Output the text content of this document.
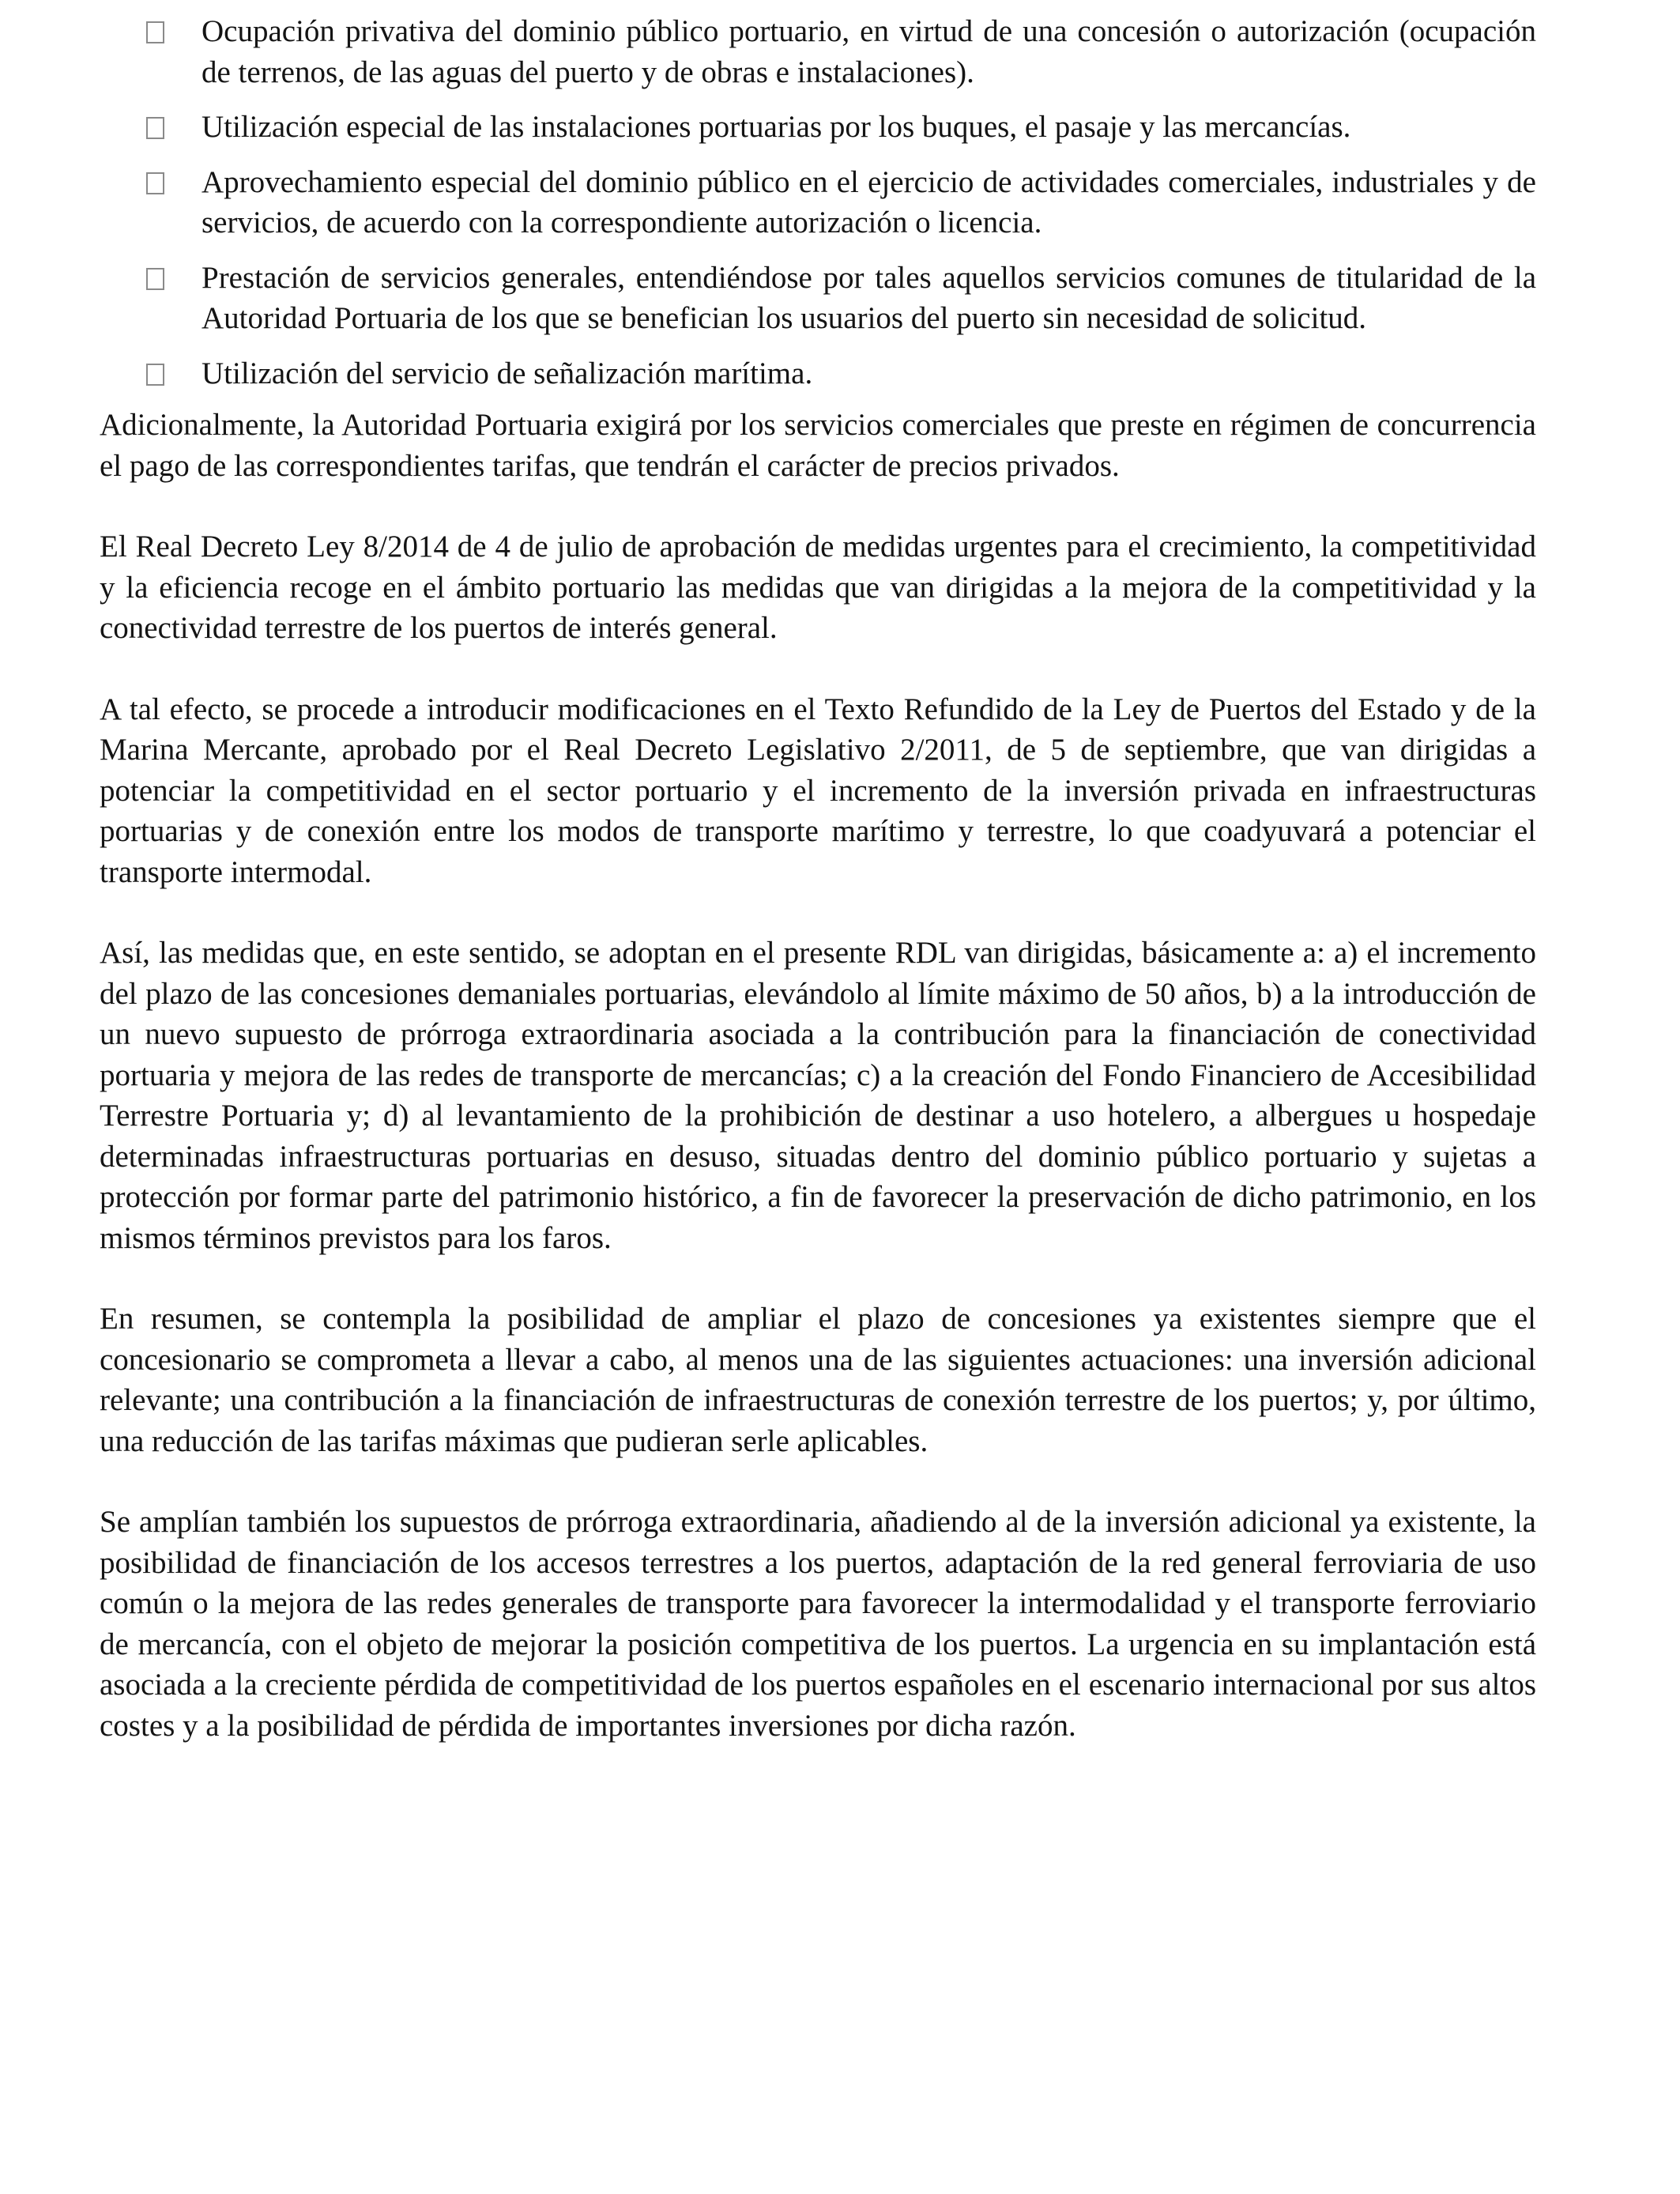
Ocupación privativa del dominio público portuario, en virtud de una concesión o autorización (ocupación de terrenos, de las aguas del puerto y de obras e instalaciones).
Utilización especial de las instalaciones portuarias por los buques, el pasaje y las mercancías.
Aprovechamiento especial del dominio público en el ejercicio de actividades comerciales, industriales y de servicios, de acuerdo con la correspondiente autorización o licencia.
Prestación de servicios generales, entendiéndose por tales aquellos servicios comunes de titularidad de la Autoridad Portuaria de los que se benefician los usuarios del puerto sin necesidad de solicitud.
Utilización del servicio de señalización marítima.

Adicionalmente, la Autoridad Portuaria exigirá por los servicios comerciales que preste en régimen de concurrencia el pago de las correspondientes tarifas, que tendrán el carácter de precios privados.

El Real Decreto Ley 8/2014 de 4 de julio de aprobación de medidas urgentes para el crecimiento, la competitividad y la eficiencia recoge en el ámbito portuario las medidas que van dirigidas a la mejora de la competitividad y la conectividad terrestre de los puertos de interés general.

A tal efecto, se procede a introducir modificaciones en el Texto Refundido de la Ley de Puertos del Estado y de la Marina Mercante, aprobado por el Real Decreto Legislativo 2/2011, de 5 de septiembre, que van dirigidas a potenciar la competitividad en el sector portuario y el incremento de la inversión privada en infraestructuras portuarias y de conexión entre los modos de transporte marítimo y terrestre, lo que coadyuvará a potenciar el transporte intermodal.

Así, las medidas que, en este sentido, se adoptan en el presente RDL van dirigidas, básicamente a: a) el incremento del plazo de las concesiones demaniales portuarias, elevándolo al límite máximo de 50 años, b) a la introducción de un nuevo supuesto de prórroga extraordinaria asociada a la contribución para la financiación de conectividad portuaria y mejora de las redes de transporte de mercancías; c) a la creación del Fondo Financiero de Accesibilidad Terrestre Portuaria y; d) al levantamiento de la prohibición de destinar a uso hotelero, a albergues u hospedaje determinadas infraestructuras portuarias en desuso, situadas dentro del dominio público portuario y sujetas a protección por formar parte del patrimonio histórico, a fin de favorecer la preservación de dicho patrimonio, en los mismos términos previstos para los faros.

En resumen, se contempla la posibilidad de ampliar el plazo de concesiones ya existentes siempre que el concesionario se comprometa a llevar a cabo, al menos una de las siguientes actuaciones: una inversión adicional relevante; una contribución a la financiación de infraestructuras de conexión terrestre de los puertos; y, por último, una reducción de las tarifas máximas que pudieran serle aplicables.

Se amplían también los supuestos de prórroga extraordinaria, añadiendo al de la inversión adicional ya existente, la posibilidad de financiación de los accesos terrestres a los puertos, adaptación de la red general ferroviaria de uso común o la mejora de las redes generales de transporte para favorecer la intermodalidad y el transporte ferroviario de mercancía, con el objeto de mejorar la posición competitiva de los puertos. La urgencia en su implantación está asociada a la creciente pérdida de competitividad de los puertos españoles en el escenario internacional por sus altos costes y a la posibilidad de pérdida de importantes inversiones por dicha razón.
